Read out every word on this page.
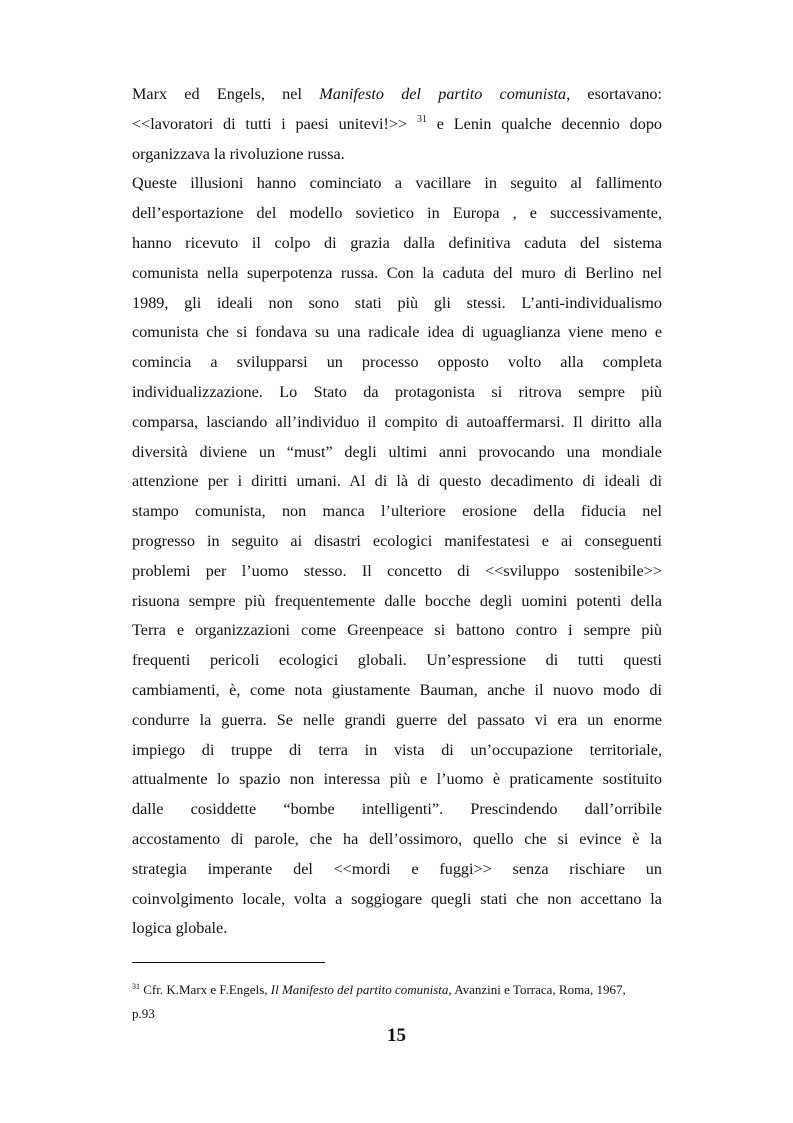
Marx ed Engels, nel Manifesto del partito comunista, esortavano:
<<lavoratori di tutti i paesi unitevi!>> $^{31}$ e Lenin qualche decennio dopo
organizzava la rivoluzione russa.
Queste illusioni hanno cominciato a vacillare in seguito al fallimento
dell’esportazione del modello sovietico in Europa , e successivamente,
hanno ricevuto il colpo di grazia dalla definitiva caduta del sistema
comunista nella superpotenza russa. Con la caduta del muro di Berlino nel
1989, gli ideali non sono stati più gli stessi. L’anti-individualismo
comunista che si fondava su una radicale idea di uguaglianza viene meno e
comincia a svilupparsi un processo opposto volto alla completa
individualizzazione. Lo Stato da protagonista si ritrova sempre più
comparsa, lasciando all’individuo il compito di autoaffermarsi. Il diritto alla
diversità diviene un “must” degli ultimi anni provocando una mondiale
attenzione per i diritti umani. Al di là di questo decadimento di ideali di
stampo comunista, non manca l’ulteriore erosione della fiducia nel
progresso in seguito ai disastri ecologici manifestatesi e ai conseguenti
problemi per l’uomo stesso. Il concetto di <<sviluppo sostenibile>>
risuona sempre più frequentemente dalle bocche degli uomini potenti della
Terra e organizzazioni come Greenpeace si battono contro i sempre più
frequenti pericoli ecologici globali. Un’espressione di tutti questi
cambiamenti, è, come nota giustamente Bauman, anche il nuovo modo di
condurre la guerra. Se nelle grandi guerre del passato vi era un enorme
impiego di truppe di terra in vista di un’occupazione territoriale,
attualmente lo spazio non interessa più e l’uomo è praticamente sostituito
dalle cosiddette “bombe intelligenti”. Prescindendo dall’orribile
accostamento di parole, che ha dell’ossimoro, quello che si evince è la
strategia imperante del <<mordi e fuggi>> senza rischiare un
coinvolgimento locale, volta a soggiogare quegli stati che non accettano la
logica globale.
$^{31}$ Cfr. K.Marx e F.Engels, Il Manifesto del partito comunista, Avanzini e Torraca, Roma, 1967,
p.93
15
